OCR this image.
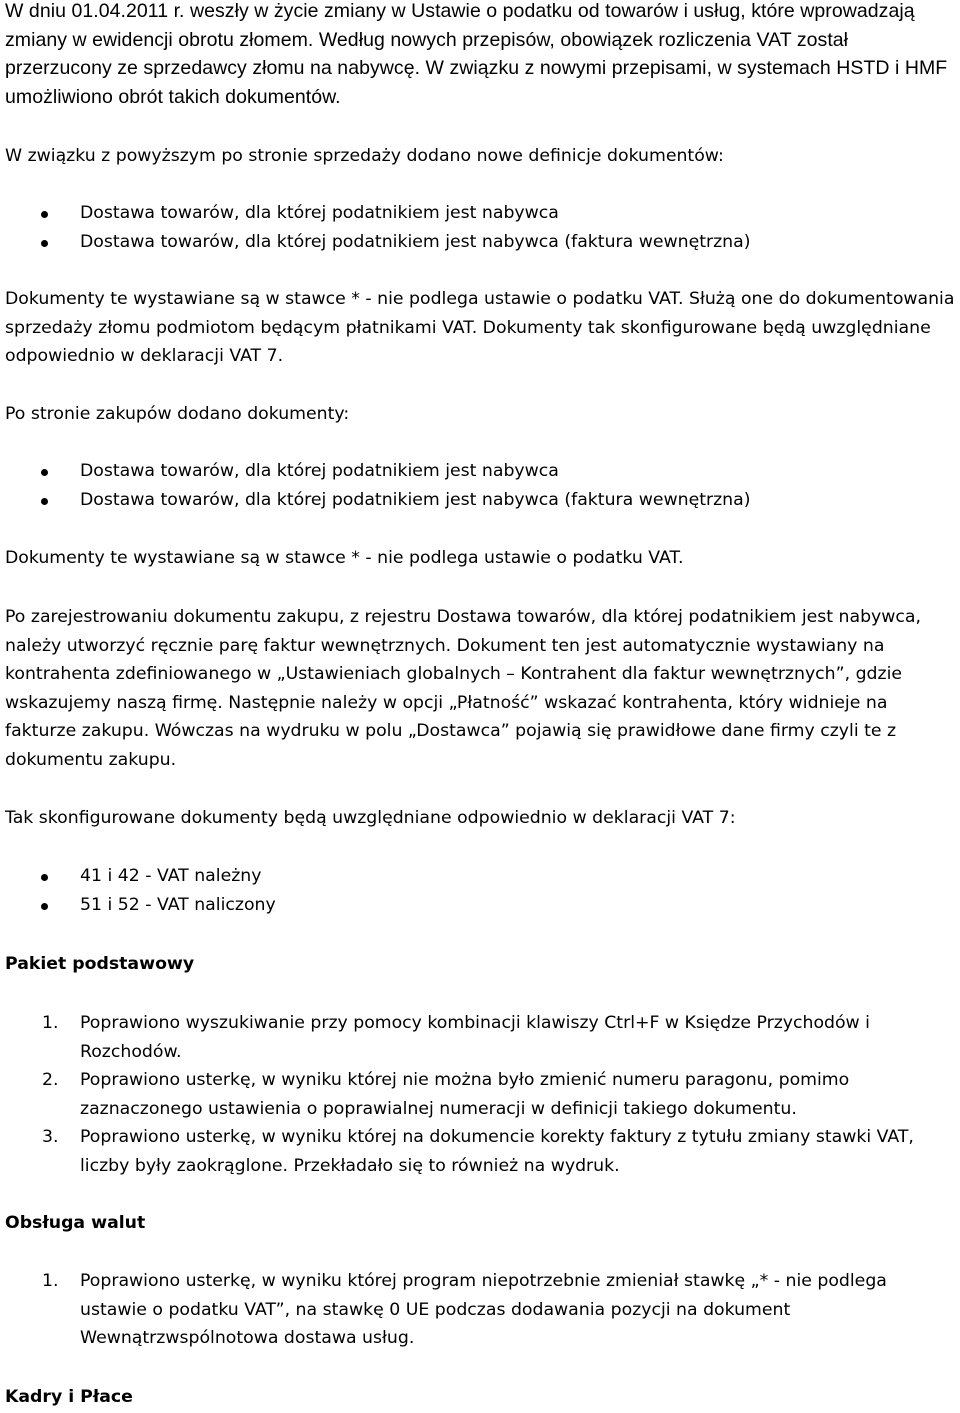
W dniu 01.04.2011 r. weszły w życie zmiany w Ustawie o podatku od towarów i usług, które wprowadzają zmiany w ewidencji obrotu złomem. Według nowych przepisów, obowiązek rozliczenia VAT został przerzucony ze sprzedawcy złomu na nabywcę. W związku z nowymi przepisami, w systemach HSTD i HMF umożliwiono obrót takich dokumentów.

W związku z powyższym po stronie sprzedaży dodano nowe definicje dokumentów:

Dostawa towarów, dla której podatnikiem jest nabywca
Dostawa towarów, dla której podatnikiem jest nabywca (faktura wewnętrzna)

Dokumenty te wystawiane są w stawce * - nie podlega ustawie o podatku VAT. Służą one do dokumentowania sprzedaży złomu podmiotom będącym płatnikami VAT. Dokumenty tak skonfigurowane będą uwzględniane odpowiednio w deklaracji VAT 7.

Po stronie zakupów dodano dokumenty:

Dostawa towarów, dla której podatnikiem jest nabywca
Dostawa towarów, dla której podatnikiem jest nabywca (faktura wewnętrzna)

Dokumenty te wystawiane są w stawce * - nie podlega ustawie o podatku VAT.

Po zarejestrowaniu dokumentu zakupu, z rejestru Dostawa towarów, dla której podatnikiem jest nabywca, należy utworzyć ręcznie parę faktur wewnętrznych. Dokument ten jest automatycznie wystawiany na kontrahenta zdefiniowanego w „Ustawieniach globalnych – Kontrahent dla faktur wewnętrznych”, gdzie wskazujemy naszą firmę. Następnie należy w opcji „Płatność” wskazać kontrahenta, który widnieje na fakturze zakupu. Wówczas na wydruku w polu „Dostawca” pojawią się prawidłowe dane firmy czyli te z dokumentu zakupu.

Tak skonfigurowane dokumenty będą uwzględniane odpowiednio w deklaracji VAT 7:

41 i 42 - VAT należny
51 i 52 - VAT naliczony

Pakiet podstawowy

1. Poprawiono wyszukiwanie przy pomocy kombinacji klawiszy Ctrl+F w Księdze Przychodów i Rozchodów.
2. Poprawiono usterkę, w wyniku której nie można było zmienić numeru paragonu, pomimo zaznaczonego ustawienia o poprawialnej numeracji w definicji takiego dokumentu.
3. Poprawiono usterkę, w wyniku której na dokumencie korekty faktury z tytułu zmiany stawki VAT, liczby były zaokrąglone. Przekładało się to również na wydruk.

Obsługa walut

1. Poprawiono usterkę, w wyniku której program niepotrzebnie zmieniał stawkę „* - nie podlega ustawie o podatku VAT”, na stawkę 0 UE podczas dodawania pozycji na dokument Wewnątrzwspólnotowa dostawa usług.

Kadry i Płace
